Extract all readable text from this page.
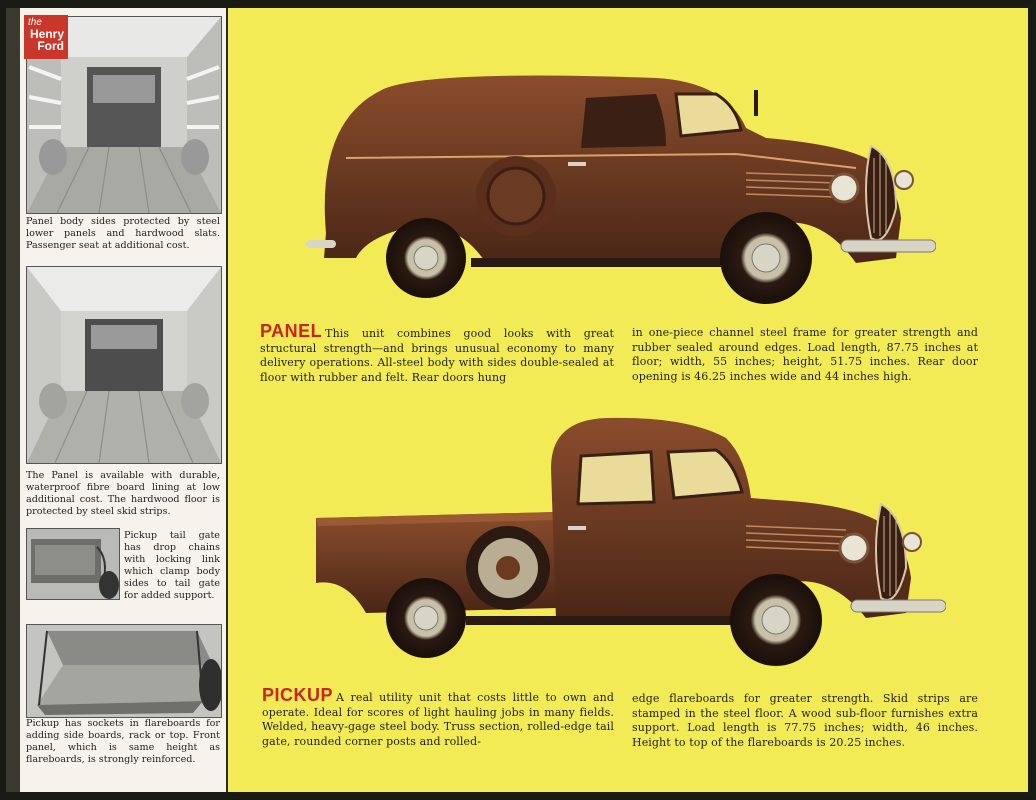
the
Henry
Ford
Panel body sides protected by steel lower panels and hardwood slats. Passenger seat at additional cost.
The Panel is available with durable, waterproof fibre board lining at low additional cost. The hardwood floor is protected by steel skid strips.
Pickup tail gate has drop chains with locking link which clamp body sides to tail gate for added support.
Pickup has sockets in flareboards for adding side boards, rack or top. Front panel, which is same height as flareboards, is strongly reinforced.
PANEL This unit combines good looks with great structural strength—and brings unusual economy to many delivery operations. All-steel body with sides double-sealed at floor with rubber and felt. Rear doors hung
in one-piece channel steel frame for greater strength and rubber sealed around edges. Load length, 87.75 inches at floor; width, 55 inches; height, 51.75 inches. Rear door opening is 46.25 inches wide and 44 inches high.
PICKUP A real utility unit that costs little to own and operate. Ideal for scores of light hauling jobs in many fields. Welded, heavy-gage steel body. Truss section, rolled-edge tail gate, rounded corner posts and rolled-
edge flareboards for greater strength. Skid strips are stamped in the steel floor. A wood sub-floor furnishes extra support. Load length is 77.75 inches; width, 46 inches. Height to top of the flareboards is 20.25 inches.
